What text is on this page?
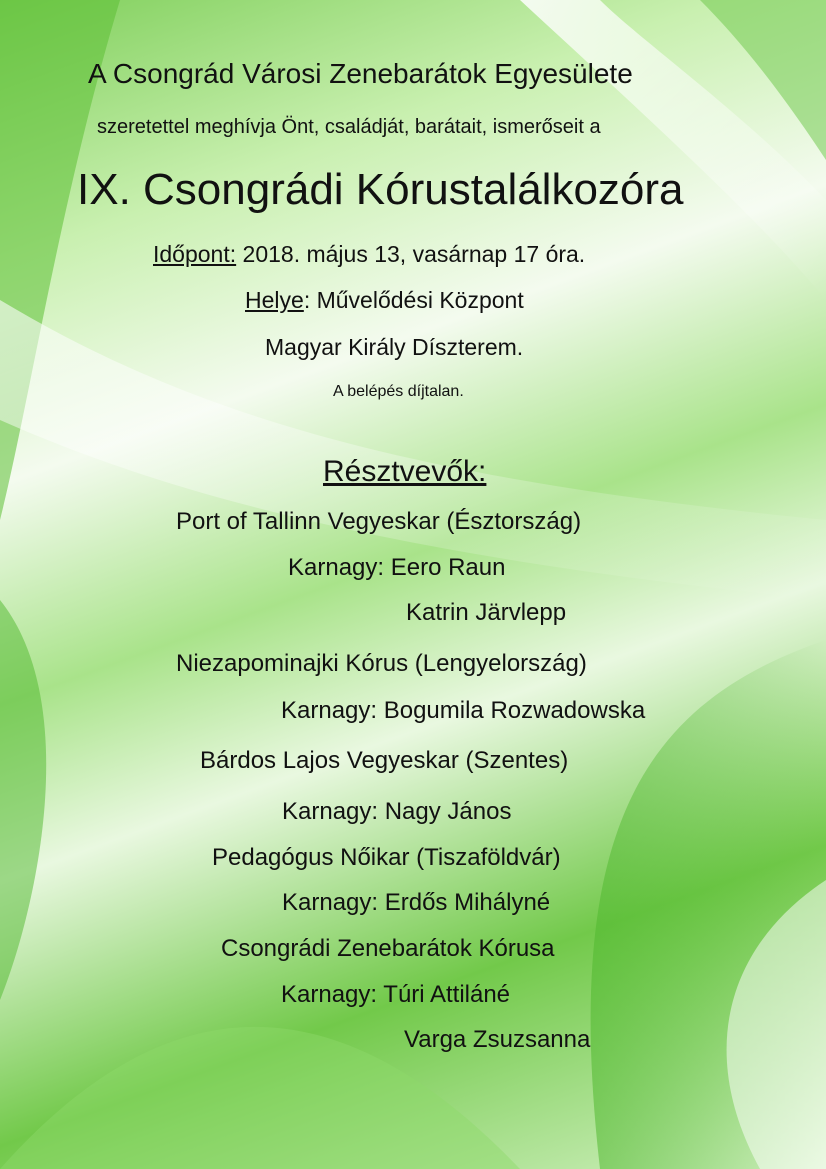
A Csongrád Városi Zenebarátok Egyesülete
szeretettel meghívja Önt, családját, barátait, ismerőseit a
IX. Csongrádi Kórustalálkozóra
Időpont: 2018. május 13, vasárnap 17 óra.
Helye: Művelődési Központ
Magyar Király Díszterem.
A belépés díjtalan.
Résztvevők:
Port of Tallinn Vegyeskar (Észtország)
Karnagy: Eero Raun
Katrin Järvlepp
Niezapominajki Kórus (Lengyelország)
Karnagy: Bogumila Rozwadowska
Bárdos Lajos Vegyeskar (Szentes)
Karnagy: Nagy János
Pedagógus Nőikar (Tiszaföldvár)
Karnagy: Erdős Mihályné
Csongrádi Zenebarátok Kórusa
Karnagy: Túri Attiláné
Varga Zsuzsanna
